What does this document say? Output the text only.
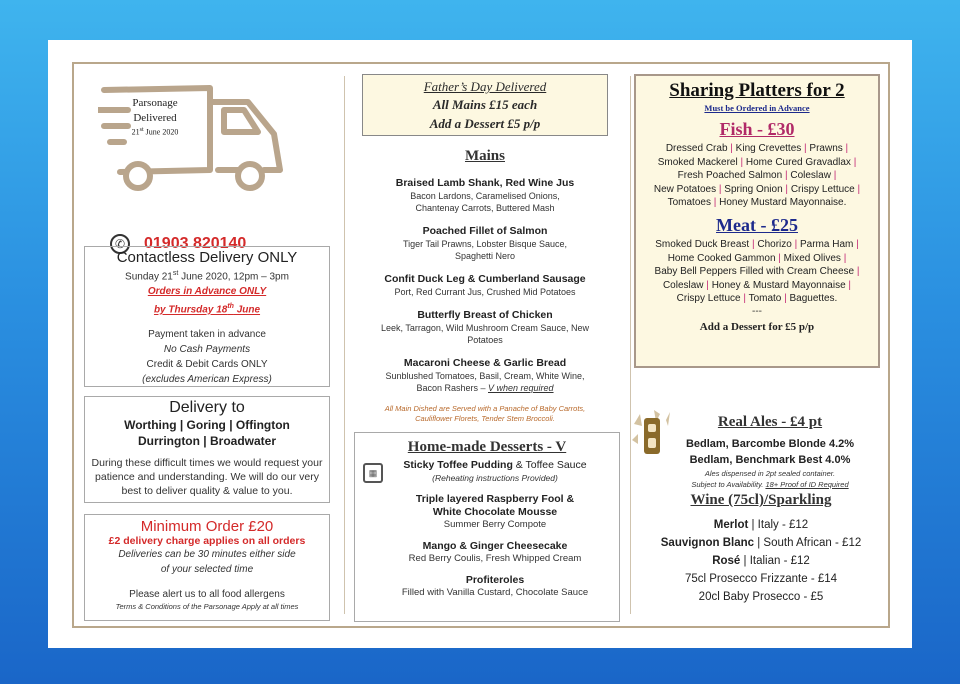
Parsonage
Delivered
21st June 2020
✆	01903 820140
Contactless Delivery ONLY
Sunday 21st June 2020, 12pm – 3pm
Orders in Advance ONLY
by Thursday 18th June
Payment taken in advance
No Cash Payments
Credit & Debit Cards ONLY
(excludes American Express)
Delivery to
Worthing | Goring | Offington
Durrington | Broadwater
During these difficult times we would request your patience and understanding. We will do our very best to deliver quality & value to you.
Minimum Order £20
£2 delivery charge applies on all orders
Deliveries can be 30 minutes either side of your selected time
Please alert us to all food allergens
Terms & Conditions of the Parsonage Apply at all times
Father’s Day Delivered
All Mains £15 each
Add a Dessert £5 p/p
Mains
Braised Lamb Shank, Red Wine Jus
Bacon Lardons, Caramelised Onions, Chantenay Carrots, Buttered Mash
Poached Fillet of Salmon
Tiger Tail Prawns, Lobster Bisque Sauce, Spaghetti Nero
Confit Duck Leg & Cumberland Sausage
Port, Red Currant Jus, Crushed Mid Potatoes
Butterfly Breast of Chicken
Leek, Tarragon, Wild Mushroom Cream Sauce, New Potatoes
Macaroni Cheese & Garlic Bread
Sunblushed Tomatoes, Basil, Cream, White Wine, Bacon Rashers – V when required
All Main Dished are Served with a Panache of Baby Carrots, Cauliflower Florets, Tender Stem Broccoli.
Home-made Desserts - V
▦
Sticky Toffee Pudding & Toffee Sauce
(Reheating instructions Provided)
Triple layered Raspberry Fool & White Chocolate Mousse
Summer Berry Compote
Mango & Ginger Cheesecake
Red Berry Coulis, Fresh Whipped Cream
Profiteroles
Filled with Vanilla Custard, Chocolate Sauce
Sharing Platters for 2
Must be Ordered in Advance
Fish - £30
Dressed Crab | King Crevettes | Prawns |
Smoked Mackerel | Home Cured Gravadlax |
Fresh Poached Salmon | Coleslaw |
New Potatoes | Spring Onion | Crispy Lettuce |
Tomatoes | Honey Mustard Mayonnaise.
Meat - £25
Smoked Duck Breast | Chorizo | Parma Ham |
Home Cooked Gammon | Mixed Olives |
Baby Bell Peppers Filled with Cream Cheese |
Coleslaw | Honey & Mustard Mayonnaise |
Crispy Lettuce | Tomato | Baguettes.
---
Add a Dessert for £5 p/p
Real Ales - £4 pt
Bedlam, Barcombe Blonde 4.2%
Bedlam, Benchmark Best 4.0%
Ales dispensed in 2pt sealed container.
Subject to Availability. 18+ Proof of ID Required
Wine (75cl)/Sparkling
Merlot | Italy - £12
Sauvignon Blanc | South African - £12
Rosé | Italian - £12
75cl Prosecco Frizzante - £14
20cl Baby Prosecco - £5
